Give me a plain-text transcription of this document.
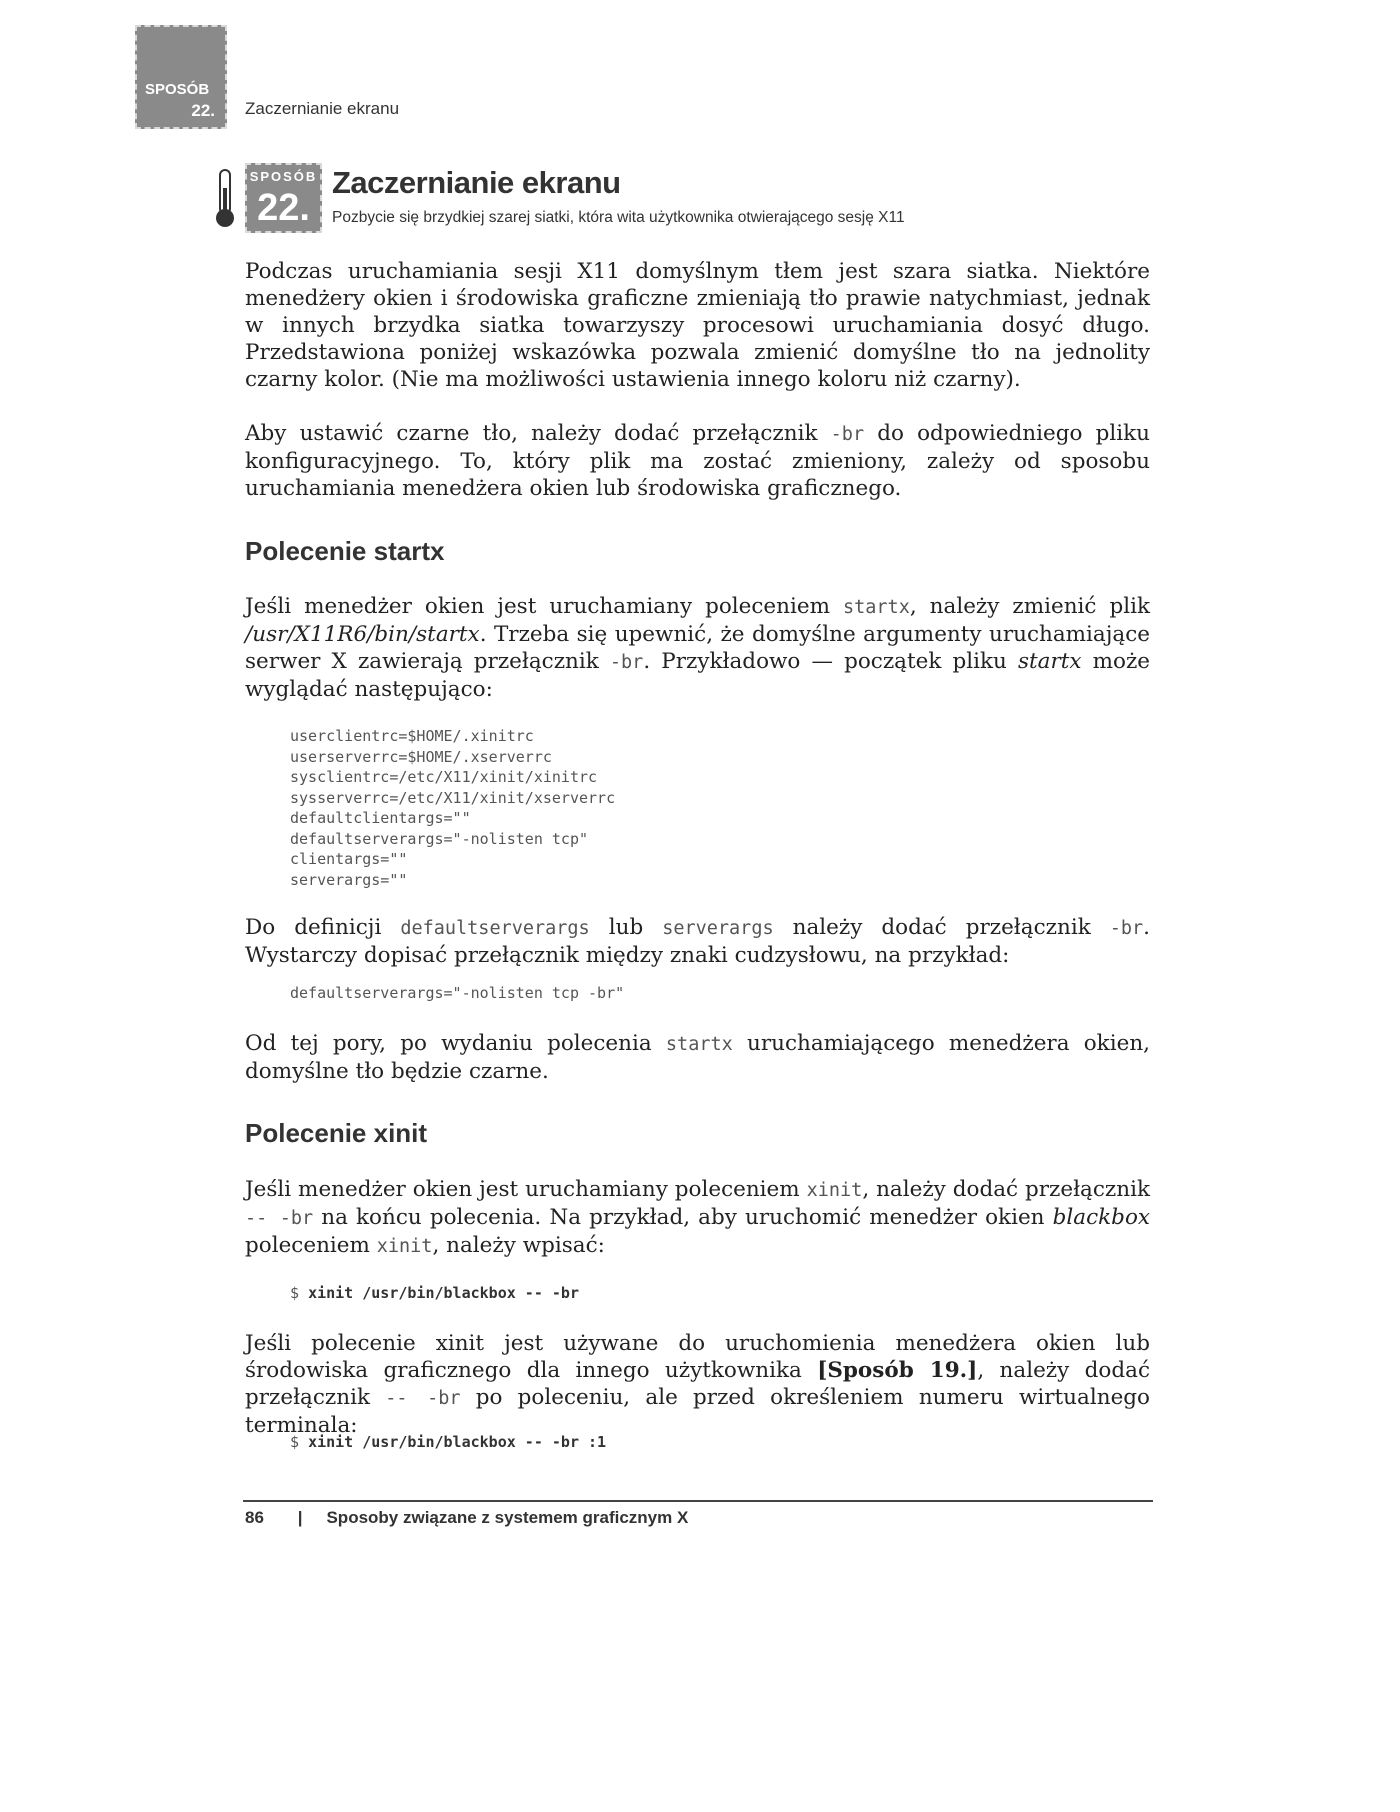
SPOSÓB
22. Zaczernianie ekranu
SPOSÓB
22.
Zaczernianie ekranu
Pozbycie się brzydkiej szarej siatki, która wita użytkownika otwierającego sesję X11

Podczas uruchamiania sesji X11 domyślnym tłem jest szara siatka. Niektóre menedżery okien i środowiska graficzne zmieniają tło prawie natychmiast, jednak w innych brzydka siatka towarzyszy procesowi uruchamiania dosyć długo. Przedstawiona poniżej wskazówka pozwala zmienić domyślne tło na jednolity czarny kolor. (Nie ma możliwości ustawienia innego koloru niż czarny).

Aby ustawić czarne tło, należy dodać przełącznik -br do odpowiedniego pliku konfiguracyjnego. To, który plik ma zostać zmieniony, zależy od sposobu uruchamiania menedżera okien lub środowiska graficznego.

Polecenie startx

Jeśli menedżer okien jest uruchamiany poleceniem startx, należy zmienić plik /usr/X11R6/bin/startx. Trzeba się upewnić, że domyślne argumenty uruchamiające serwer X zawierają przełącznik -br. Przykładowo — początek pliku startx może wyglądać następująco:

userclientrc=$HOME/.xinitrc
userserverrc=$HOME/.xserverrc
sysclientrc=/etc/X11/xinit/xinitrc
sysserverrc=/etc/X11/xinit/xserverrc
defaultclientargs=""
defaultserverargs="-nolisten tcp"
clientargs=""
serverargs=""

Do definicji defaultserverargs lub serverargs należy dodać przełącznik -br. Wystarczy dopisać przełącznik między znaki cudzysłowu, na przykład:

defaultserverargs="-nolisten tcp -br"

Od tej pory, po wydaniu polecenia startx uruchamiającego menedżera okien, domyślne tło będzie czarne.

Polecenie xinit

Jeśli menedżer okien jest uruchamiany poleceniem xinit, należy dodać przełącznik -- -br na końcu polecenia. Na przykład, aby uruchomić menedżer okien blackbox poleceniem xinit, należy wpisać:

$ xinit /usr/bin/blackbox -- -br

Jeśli polecenie xinit jest używane do uruchomienia menedżera okien lub środowiska graficznego dla innego użytkownika [Sposób 19.], należy dodać przełącznik -- -br po poleceniu, ale przed określeniem numeru wirtualnego terminala:

$ xinit /usr/bin/blackbox -- -br :1
86 | Sposoby związane z systemem graficznym X
